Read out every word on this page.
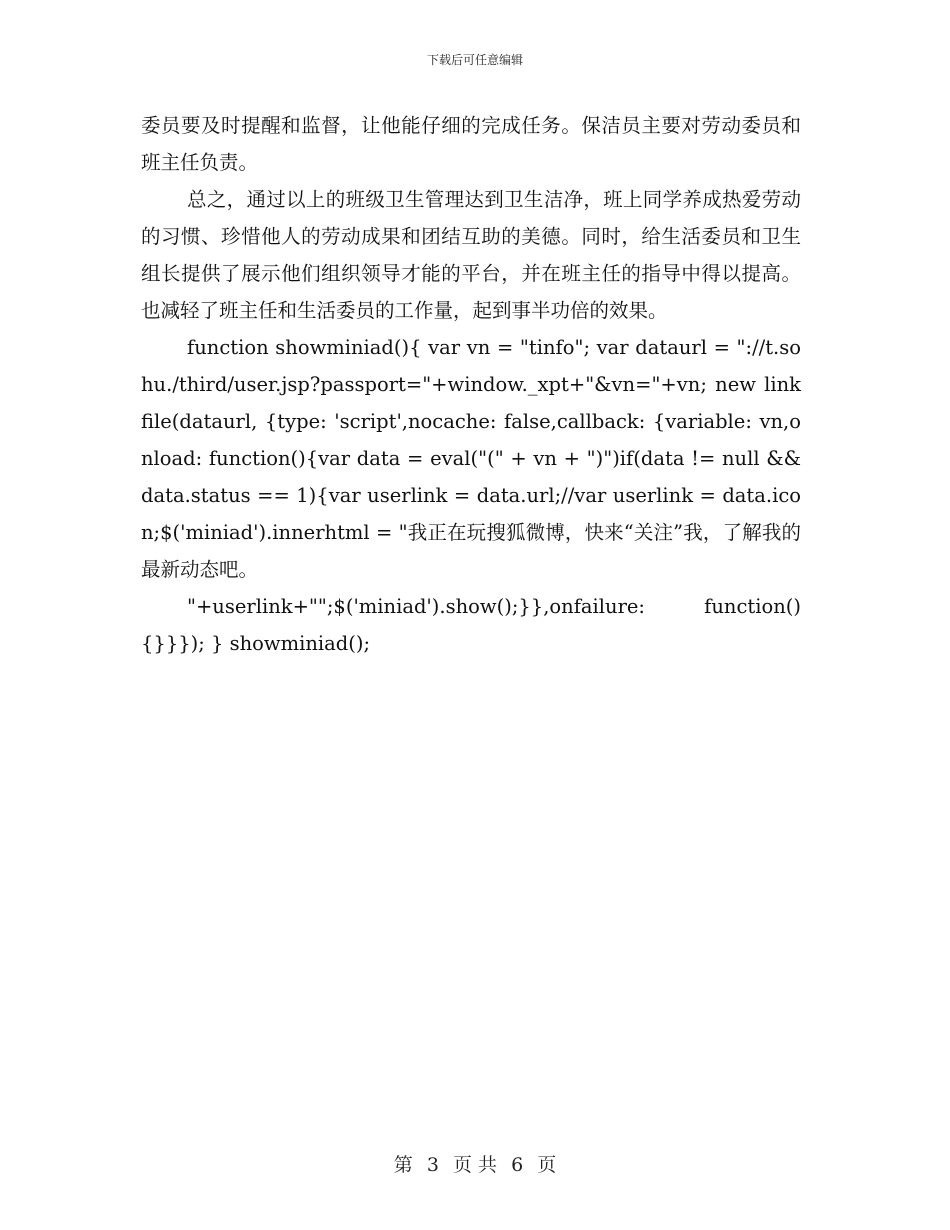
下载后可任意编辑

委员要及时提醒和监督，让他能仔细的完成任务。保洁员主要对劳动委员和班主任负责。

总之，通过以上的班级卫生管理达到卫生洁净，班上同学养成热爱劳动的习惯、珍惜他人的劳动成果和团结互助的美德。同时，给生活委员和卫生组长提供了展示他们组织领导才能的平台，并在班主任的指导中得以提高。也减轻了班主任和生活委员的工作量，起到事半功倍的效果。

function showminiad(){ var vn = "tinfo"; var dataurl = "://t.sohu./third/user.jsp?passport="+window._xpt+"&vn="+vn; new linkfile(dataurl, {type: 'script',nocache: false,callback: {variable: vn,onload: function(){var data = eval("(" + vn + ")")if(data != null && data.status == 1){var userlink = data.url;//var userlink = data.icon;$('miniad').innerhtml = "我正在玩搜狐微博，快来“关注”我，了解我的最新动态吧。

"+userlink+"";$('miniad').show();}},onfailure: function(){}}}); } showminiad();

第 3 页 共 6 页
